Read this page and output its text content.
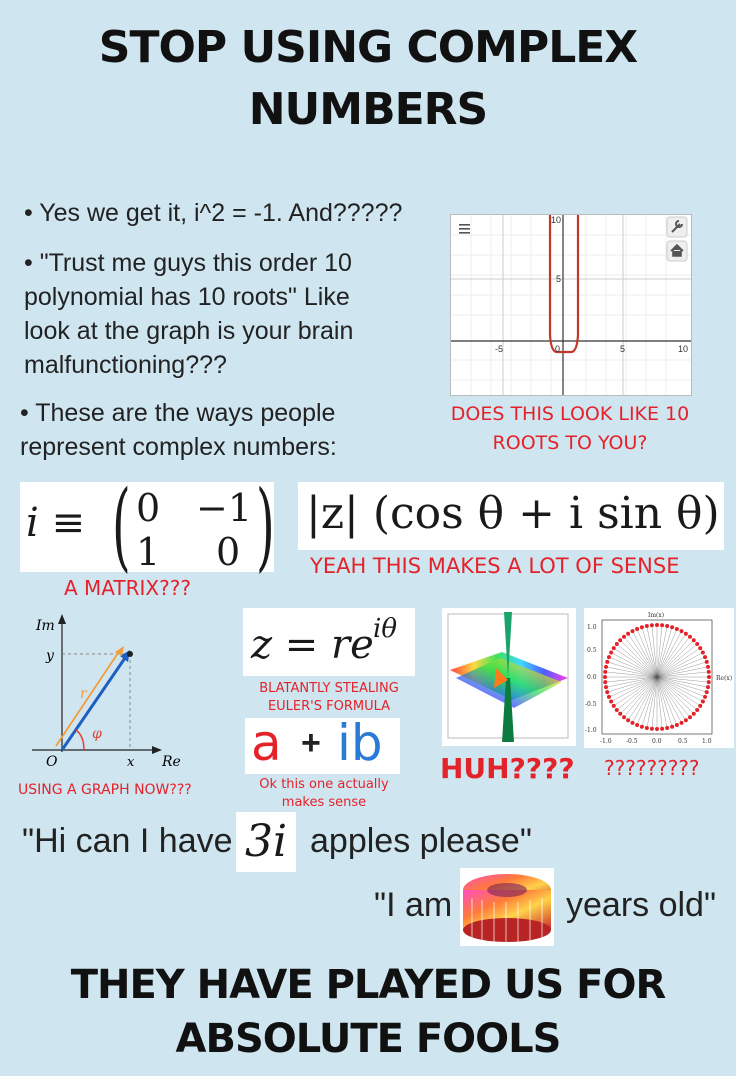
STOP USING COMPLEX
NUMBERS
• Yes we get it, i^2 = -1. And?????
• "Trust me guys this order 10
polynomial has 10 roots" Like
look at the graph is your brain
malfunctioning???
• These are the ways people
represent complex numbers:
-5	0	5	10
10
5
DOES THIS LOOK LIKE 10
ROOTS TO YOU?
i ≡ ( 0 −1
1 0 )
A MATRIX???
|z| (cos θ + i sin θ)
YEAH THIS MAKES A LOT OF SENSE
Im
Re
y
x
O
r
φ
USING A GRAPH NOW???
z = re iθ
BLATANTLY STEALING
EULER'S FORMULA
a + ib
Ok this one actually
makes sense
HUH????
Im(x)
Re(x)
1.0
0.5
0.0
-0.5
-1.0
-1.0 -0.5 0.0	0.5 1.0
?????????
"Hi can I have 3i apples please"
"I am	years old"
THEY HAVE PLAYED US FOR
ABSOLUTE FOOLS
